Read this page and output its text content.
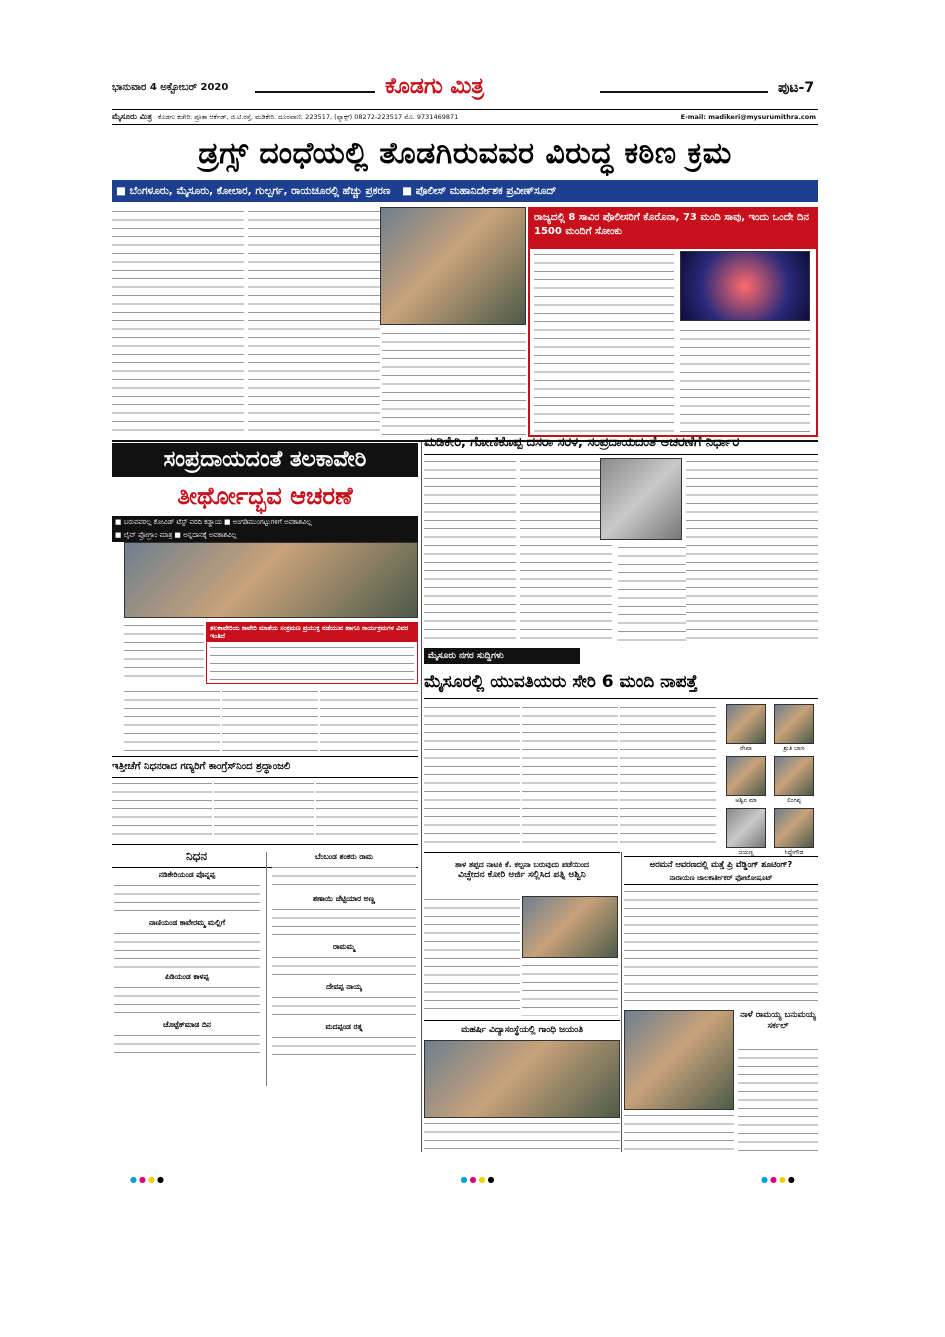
ಭಾನುವಾರ 4 ಅಕ್ಟೋಬರ್ 2020	ಕೊಡಗು ಮಿತ್ರ	ಪುಟ-7
ಮೈಸೂರು ಮಿತ್ರ ಕೊಡಗು ಕಚೇರಿ: ಪ್ರೂತಾ ಆರ್ಕೆಡ್, ಜಿ.ಟಿ.ರಸ್ತೆ, ಮಡಿಕೇರಿ. ದೂರವಾಣಿ: 223517, (ಫ್ಯಾಕ್ಸ್) 08272-223517 ಮೊ. 9731469871	E-mail: madikeri@mysurumithra.com
ಡ್ರಗ್ಸ್ ದಂಧೆಯಲ್ಲಿ ತೊಡಗಿರುವವರ ವಿರುದ್ಧ ಕಠಿಣ ಕ್ರಮ
■ ಬೆಂಗಳೂರು, ಮೈಸೂರು, ಕೋಲಾರ, ಗುಲ್ಬರ್ಗ, ರಾಯಚೂರಲ್ಲಿ ಹೆಚ್ಚು ಪ್ರಕರಣ ■ ಪೊಲೀಸ್ ಮಹಾನಿರ್ದೇಶಕ ಪ್ರವೀಣ್‌ಸೂದ್
ರಾಜ್ಯದಲ್ಲಿ 8 ಸಾವಿರ ಪೊಲೀಸರಿಗೆ ಕೊರೊನಾ, 73 ಮಂದಿ ಸಾವು, ಇಂದು ಒಂದೇ ದಿನ 1500 ಮಂದಿಗೆ ಸೋಂಕು
ಸಂಪ್ರದಾಯದಂತೆ ತಲಕಾವೇರಿ
ತೀರ್ಥೋದ್ಭವ ಆಚರಣೆ
■ ಬರುವವರಲ್ಲ ಕೋವಿಡ್ ಟೆಸ್ಟ್ ವರದಿ ಕಡ್ಡಾಯ ■ ಅಂಗಡಿಮುಂಗಟ್ಟುಗಳಿಗೆ ಅವಕಾಶವಿಲ್ಲ
■ ಲೈವ್ ಪ್ರೋಗ್ರಾಂ ಮಾತ್ರ ■ ಅನ್ನದಾನಕ್ಕೆ ಅವಕಾಶವಿಲ್ಲ
ತಲಕಾವೇರಿಯ ಕಾವೇರಿ ಮಾತೆಯ ಸಂಕ್ರಮಣ ಪ್ರಯುಕ್ತ ನಡೆಯುವ ಹಾಗೂ ಕಾರ್ಯಕ್ರಮಗಳ ವಿವರ ಇಂತಿದೆ
ಮಡಿಕೇರಿ, ಗೋಣಿಕೊಪ್ಪ ದಸರಾ ಸರಳ, ಸಂಪ್ರದಾಯದಂತೆ ಆಚರಣೆಗೆ ನಿರ್ಧಾರ
ಮೈಸೂರು ನಗರ ಸುದ್ದಿಗಳು
ಮೈಸೂರಲ್ಲಿ ಯುವತಿಯರು ಸೇರಿ 6 ಮಂದಿ ನಾಪತ್ತೆ
ರೇಖಾ	ಶ್ರುತಿ ಬಾಣ
ಅಶ್ವಿನ ಮಾ	ಲಿಂಗಪ್ಪ
ಜಯಣ್ಣ	ಸಿದ್ದೇಗೌಡ
ಇತ್ತೀಚೆಗೆ ನಿಧನರಾದ ಗಣ್ಯರಿಗೆ ಕಾಂಗ್ರೆಸ್‌ನಿಂದ ಶ್ರದ್ಧಾಂಜಲಿ
ನಿಧನ
ನಡಿಕೇರಿಯಂಡ ಪೊನ್ನಪ್ಪ
ನಾಣಿಯಂಡ ಕಾವೇರಮ್ಮ ಮಲ್ಲಿಗೆ
ಪಿಡಿಯಂಡ ಕಾಳಪ್ಪ
ಚೊಟ್ಟೆಕ್‌ಮಾಡ ದಿನ
ಬೆಂಬಂಡ ಶಂಕರು ರಾಮ
ಶಣಾಯಿ ಚೆಟ್ಟಿಯಾರ ಅಣ್ಣ
ರಾಮಮ್ಮ
ದೇವಪ್ಪ ನಾಯ್ಕ
ಮದಪ್ಪಂಡ ರತ್ನ
ತಾಳ ತಪ್ಪದ ನಾಟಕಿ ಕೆ. ಕಲ್ಪನಾ ಬರುವುದು ಪಡೆಯಿಂದ
ವಿಚ್ಛೇದನ ಕೋರಿ ಅರ್ಜಿ ಸಲ್ಲಿಸಿದ ಪತ್ನಿ ಅಶ್ವಿನಿ
ಮಹರ್ಷಿ ವಿದ್ಯಾಸಂಸ್ಥೆಯಲ್ಲಿ ಗಾಂಧಿ ಜಯಂತಿ
ಅರಮನೆ ಆವರಣದಲ್ಲಿ ಮತ್ತೆ ಪ್ರಿ ವೆಡ್ಡಿಂಗ್ ಶೂಟಿಂಗ್?
ನಾರಾಯಣ ಜಾಲಕಾರ್ತೀಕರ್ ಫೋಟೋಷೂಟ್
ನಾಳೆ ರಾಮಯ್ಯ ಬನುಮಯ್ಯ ಸರ್ಕಲ್
●●●●	●●●●	●●●●
